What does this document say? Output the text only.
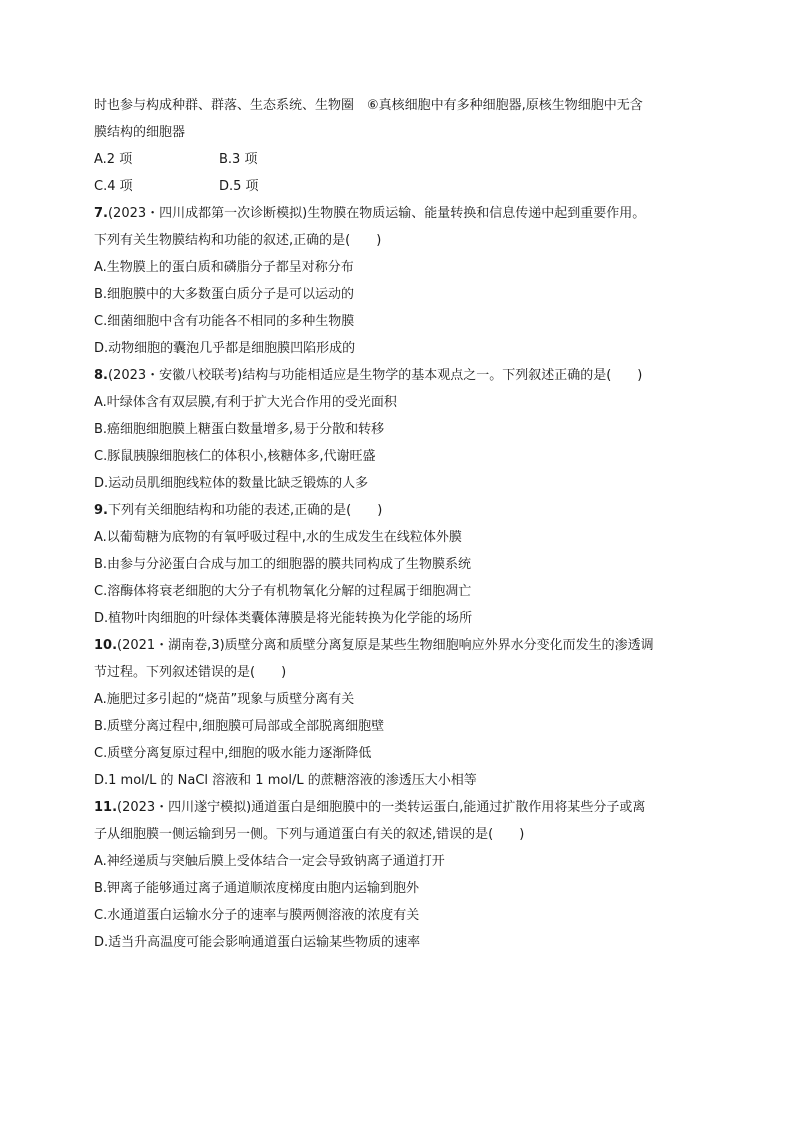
时也参与构成种群、群落、生态系统、生物圈　⑥真核细胞中有多种细胞器,原核生物细胞中无含
膜结构的细胞器
A.2 项	B.3 项
C.4 项	D.5 项
7.(2023・四川成都第一次诊断模拟)生物膜在物质运输、能量转换和信息传递中起到重要作用。
下列有关生物膜结构和功能的叙述,正确的是(　　)
A.生物膜上的蛋白质和磷脂分子都呈对称分布
B.细胞膜中的大多数蛋白质分子是可以运动的
C.细菌细胞中含有功能各不相同的多种生物膜
D.动物细胞的囊泡几乎都是细胞膜凹陷形成的
8.(2023・安徽八校联考)结构与功能相适应是生物学的基本观点之一。下列叙述正确的是(　　)
A.叶绿体含有双层膜,有利于扩大光合作用的受光面积
B.癌细胞细胞膜上糖蛋白数量增多,易于分散和转移
C.豚鼠胰腺细胞核仁的体积小,核糖体多,代谢旺盛
D.运动员肌细胞线粒体的数量比缺乏锻炼的人多
9.下列有关细胞结构和功能的表述,正确的是(　　)
A.以葡萄糖为底物的有氧呼吸过程中,水的生成发生在线粒体外膜
B.由参与分泌蛋白合成与加工的细胞器的膜共同构成了生物膜系统
C.溶酶体将衰老细胞的大分子有机物氧化分解的过程属于细胞凋亡
D.植物叶肉细胞的叶绿体类囊体薄膜是将光能转换为化学能的场所
10.(2021・湖南卷,3)质壁分离和质壁分离复原是某些生物细胞响应外界水分变化而发生的渗透调
节过程。下列叙述错误的是(　　)
A.施肥过多引起的“烧苗”现象与质壁分离有关
B.质壁分离过程中,细胞膜可局部或全部脱离细胞壁
C.质壁分离复原过程中,细胞的吸水能力逐渐降低
D.1 mol/L 的 NaCl 溶液和 1 mol/L 的蔗糖溶液的渗透压大小相等
11.(2023・四川遂宁模拟)通道蛋白是细胞膜中的一类转运蛋白,能通过扩散作用将某些分子或离
子从细胞膜一侧运输到另一侧。下列与通道蛋白有关的叙述,错误的是(　　)
A.神经递质与突触后膜上受体结合一定会导致钠离子通道打开
B.钾离子能够通过离子通道顺浓度梯度由胞内运输到胞外
C.水通道蛋白运输水分子的速率与膜两侧溶液的浓度有关
D.适当升高温度可能会影响通道蛋白运输某些物质的速率
